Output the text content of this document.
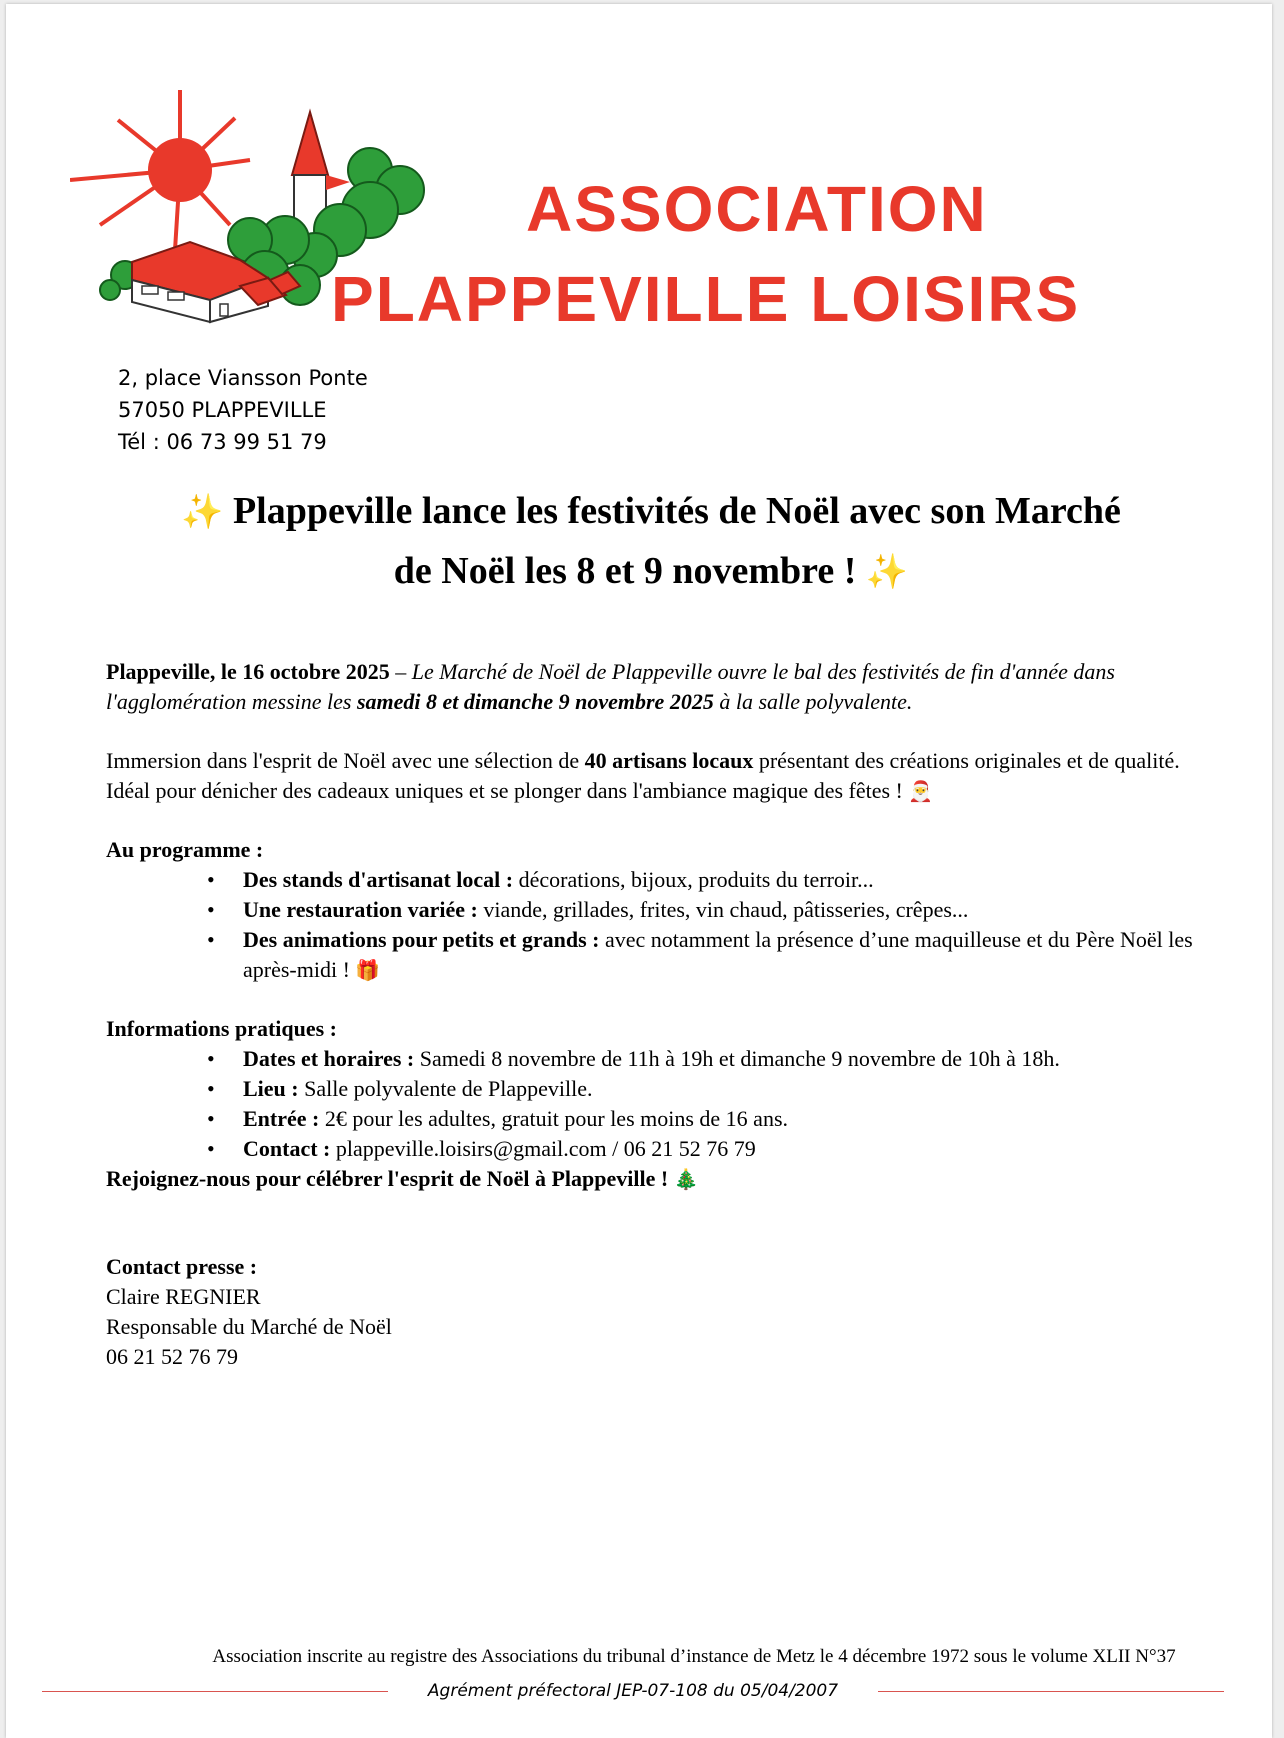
ASSOCIATION
PLAPPEVILLE LOISIRS
2, place Viansson Ponte
57050 PLAPPEVILLE
Tél : 06 73 99 51 79
✨ Plappeville lance les festivités de Noël avec son Marché
de Noël les 8 et 9 novembre ! ✨

Plappeville, le 16 octobre 2025 – Le Marché de Noël de Plappeville ouvre le bal des festivités de fin d'année dans l'agglomération messine les samedi 8 et dimanche 9 novembre 2025 à la salle polyvalente.

Immersion dans l'esprit de Noël avec une sélection de 40 artisans locaux présentant des créations originales et de qualité. Idéal pour dénicher des cadeaux uniques et se plonger dans l'ambiance magique des fêtes ! 🎅

Au programme :

• Des stands d'artisanat local : décorations, bijoux, produits du terroir...
• Une restauration variée : viande, grillades, frites, vin chaud, pâtisseries, crêpes...
• Des animations pour petits et grands : avec notamment la présence d’une maquilleuse et du Père Noël les après-midi ! 🎁

Informations pratiques :

• Dates et horaires : Samedi 8 novembre de 11h à 19h et dimanche 9 novembre de 10h à 18h.
• Lieu : Salle polyvalente de Plappeville.
• Entrée : 2€ pour les adultes, gratuit pour les moins de 16 ans.
• Contact : plappeville.loisirs@gmail.com / 06 21 52 76 79

Rejoignez-nous pour célébrer l'esprit de Noël à Plappeville ! 🎄

Contact presse :

Claire REGNIER

Responsable du Marché de Noël

06 21 52 76 79

Association inscrite au registre des Associations du tribunal d’instance de Metz le 4 décembre 1972 sous le volume XLII N°37
Agrément préfectoral JEP-07-108 du 05/04/2007
